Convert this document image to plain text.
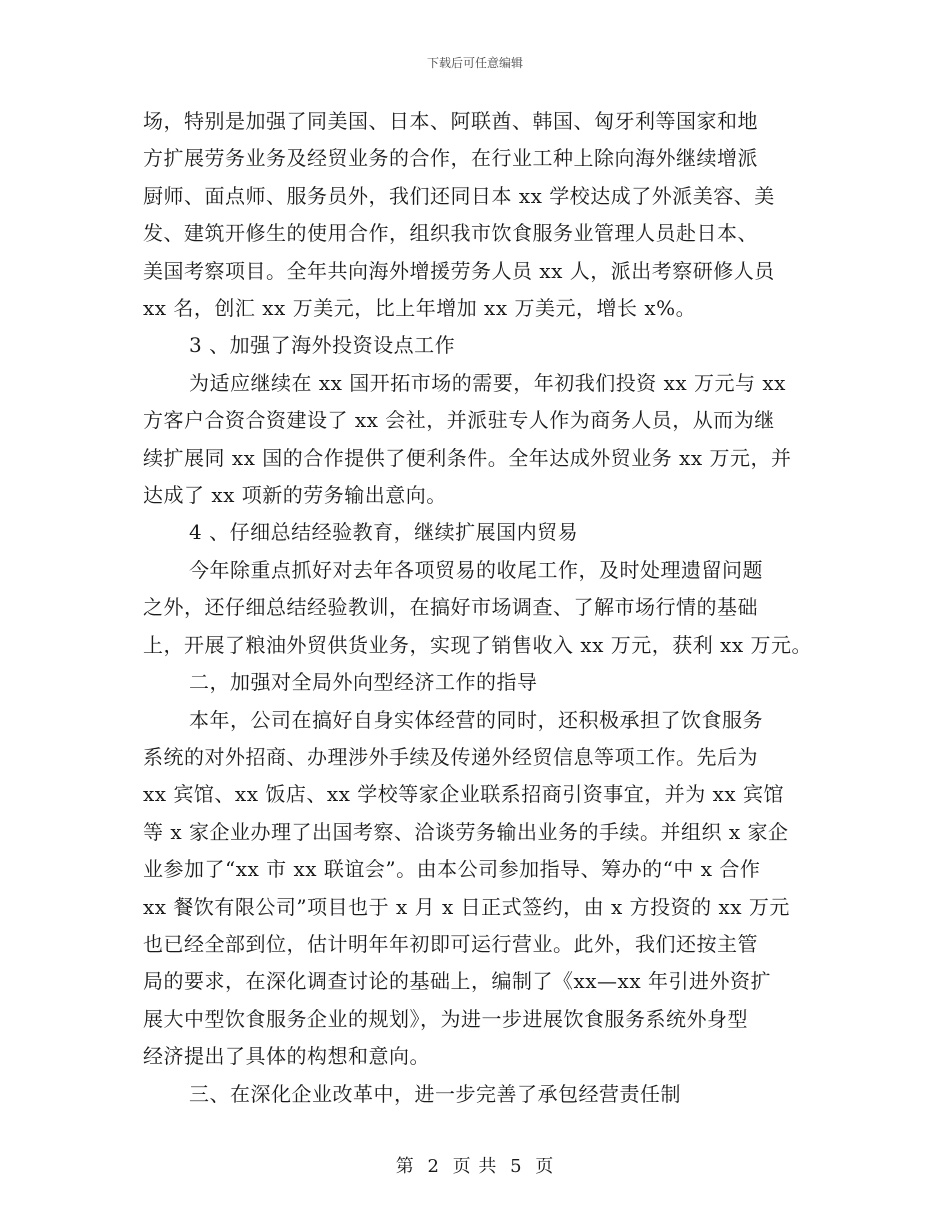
下载后可任意编辑
场，特别是加强了同美国、日本、阿联酋、韩国、匈牙利等国家和地
方扩展劳务业务及经贸业务的合作，在行业工种上除向海外继续增派
厨师、面点师、服务员外，我们还同日本 xx 学校达成了外派美容、美
发、建筑开修生的使用合作，组织我市饮食服务业管理人员赴日本、
美国考察项目。全年共向海外增援劳务人员 xx 人，派出考察研修人员
xx 名，创汇 xx 万美元，比上年增加 xx 万美元，增长 x%。
3 、加强了海外投资设点工作
为适应继续在 xx 国开拓市场的需要，年初我们投资 xx 万元与 xx
方客户合资合资建设了 xx 会社，并派驻专人作为商务人员，从而为继
续扩展同 xx 国的合作提供了便利条件。全年达成外贸业务 xx 万元，并
达成了 xx 项新的劳务输出意向。
4 、仔细总结经验教育，继续扩展国内贸易
今年除重点抓好对去年各项贸易的收尾工作，及时处理遗留问题
之外，还仔细总结经验教训，在搞好市场调查、了解市场行情的基础
上，开展了粮油外贸供货业务，实现了销售收入 xx 万元，获利 xx 万元。
二，加强对全局外向型经济工作的指导
本年，公司在搞好自身实体经营的同时，还积极承担了饮食服务
系统的对外招商、办理涉外手续及传递外经贸信息等项工作。先后为
xx 宾馆、xx 饭店、xx 学校等家企业联系招商引资事宜，并为 xx 宾馆
等 x 家企业办理了出国考察、洽谈劳务输出业务的手续。并组织 x 家企
业参加了“xx 市 xx 联谊会”。由本公司参加指导、筹办的“中 x 合作
xx 餐饮有限公司”项目也于 x 月 x 日正式签约，由 x 方投资的 xx 万元
也已经全部到位，估计明年年初即可运行营业。此外，我们还按主管
局的要求，在深化调查讨论的基础上，编制了《xx—xx 年引进外资扩
展大中型饮食服务企业的规划》，为进一步进展饮食服务系统外身型
经济提出了具体的构想和意向。
三、在深化企业改革中，进一步完善了承包经营责任制
第 2 页 共 5 页
